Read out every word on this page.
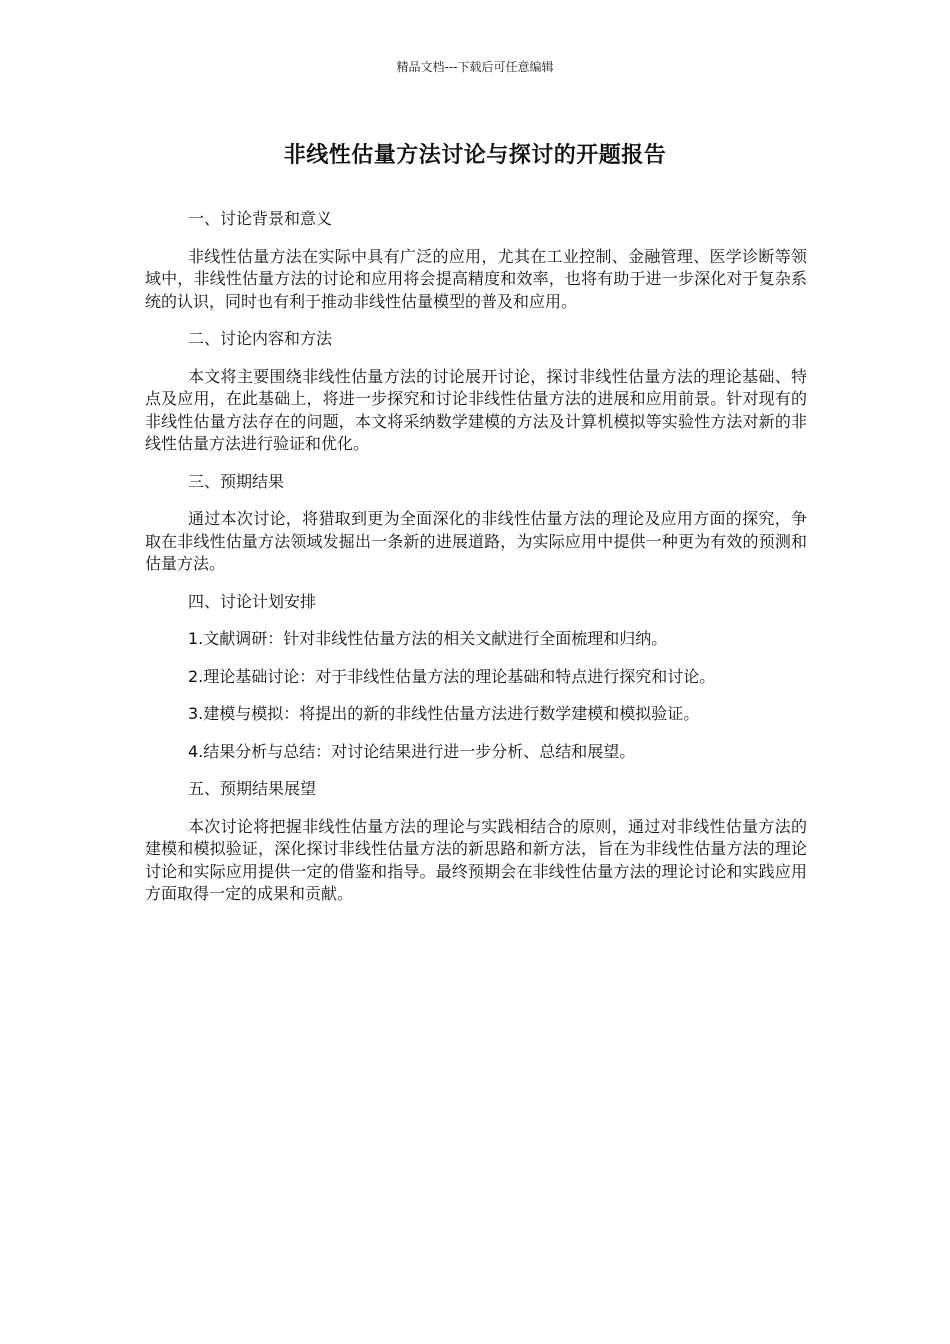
精品文档---下载后可任意编辑
非线性估量方法讨论与探讨的开题报告

一、讨论背景和意义

非线性估量方法在实际中具有广泛的应用，尤其在工业控制、金融管理、医学诊断等领域中，非线性估量方法的讨论和应用将会提高精度和效率，也将有助于进一步深化对于复杂系统的认识，同时也有利于推动非线性估量模型的普及和应用。

二、讨论内容和方法

本文将主要围绕非线性估量方法的讨论展开讨论，探讨非线性估量方法的理论基础、特点及应用，在此基础上，将进一步探究和讨论非线性估量方法的进展和应用前景。针对现有的非线性估量方法存在的问题，本文将采纳数学建模的方法及计算机模拟等实验性方法对新的非线性估量方法进行验证和优化。

三、预期结果

通过本次讨论，将猎取到更为全面深化的非线性估量方法的理论及应用方面的探究，争取在非线性估量方法领域发掘出一条新的进展道路，为实际应用中提供一种更为有效的预测和估量方法。

四、讨论计划安排

1.文献调研：针对非线性估量方法的相关文献进行全面梳理和归纳。

2.理论基础讨论：对于非线性估量方法的理论基础和特点进行探究和讨论。

3.建模与模拟：将提出的新的非线性估量方法进行数学建模和模拟验证。

4.结果分析与总结：对讨论结果进行进一步分析、总结和展望。

五、预期结果展望

本次讨论将把握非线性估量方法的理论与实践相结合的原则，通过对非线性估量方法的建模和模拟验证，深化探讨非线性估量方法的新思路和新方法，旨在为非线性估量方法的理论讨论和实际应用提供一定的借鉴和指导。最终预期会在非线性估量方法的理论讨论和实践应用方面取得一定的成果和贡献。
